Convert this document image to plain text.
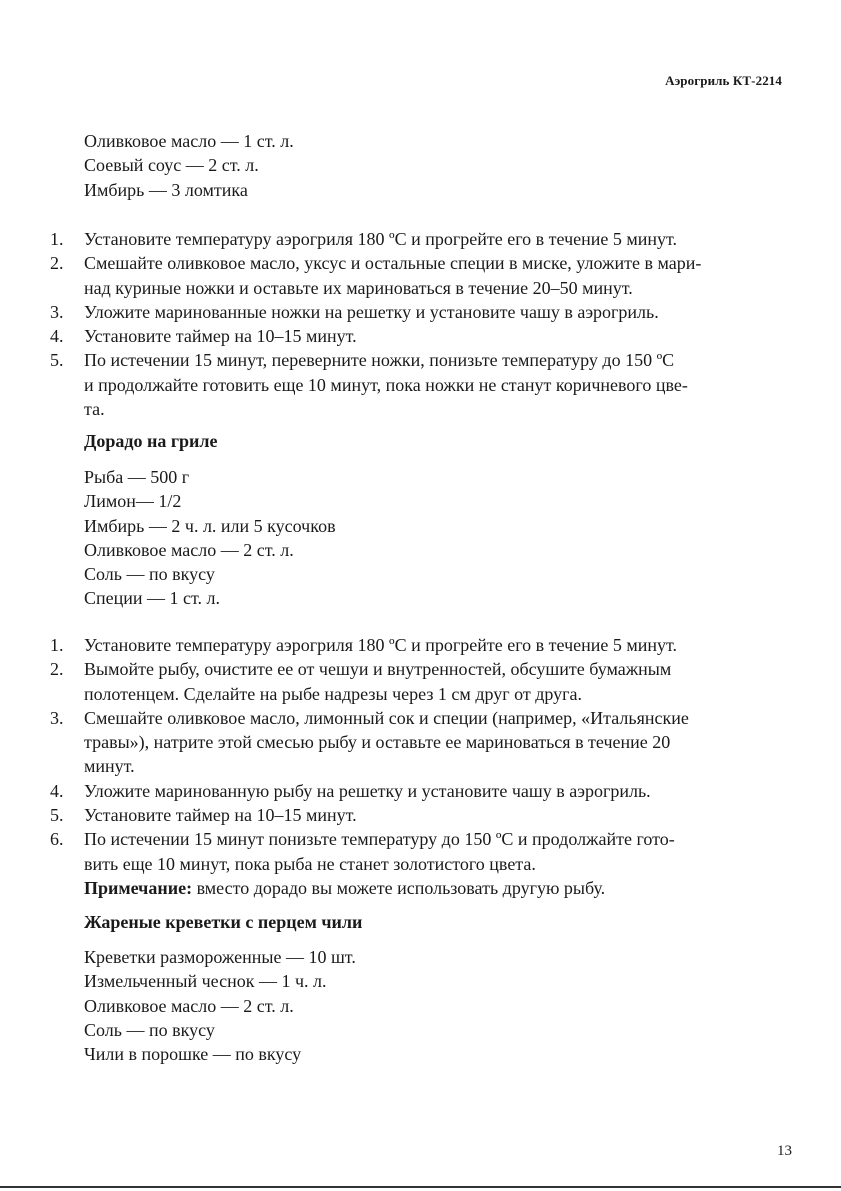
Аэрогриль КТ-2214
Оливковое масло — 1 ст. л.
Соевый соус — 2 ст. л.
Имбирь — 3 ломтика
1.	Установите температуру аэрогриля 180 ºС и прогрейте его в течение 5 минут.
2.	Смешайте оливковое масло, уксус и остальные специи в миске, уложите в мари-
над куриные ножки и оставьте их мариноваться в течение 20–50 минут.
3.	Уложите маринованные ножки на решетку и установите чашу в аэрогриль.
4.	Установите таймер на 10–15 минут.
5.	По истечении 15 минут, переверните ножки, понизьте температуру до 150 ºС
и продолжайте готовить еще 10 минут, пока ножки не станут коричневого цве-
та.
Дорадо на гриле
Рыба — 500 г
Лимон— 1/2
Имбирь — 2 ч. л. или 5 кусочков
Оливковое масло — 2 ст. л.
Соль — по вкусу
Специи — 1 ст. л.
1.	Установите температуру аэрогриля 180 ºС и прогрейте его в течение 5 минут.
2.	Вымойте рыбу, очистите ее от чешуи и внутренностей, обсушите бумажным
полотенцем. Сделайте на рыбе надрезы через 1 см друг от друга.
3.	Смешайте оливковое масло, лимонный сок и специи (например, «Итальянские
травы»), натрите этой смесью рыбу и оставьте ее мариноваться в течение 20
минут.
4.	Уложите маринованную рыбу на решетку и установите чашу в аэрогриль.
5.	Установите таймер на 10–15 минут.
6.	По истечении 15 минут понизьте температуру до 150 ºС и продолжайте гото-
вить еще 10 минут, пока рыба не станет золотистого цвета.
Примечание: вместо дорадо вы можете использовать другую рыбу.
Жареные креветки с перцем чили
Креветки размороженные — 10 шт.
Измельченный чеснок — 1 ч. л.
Оливковое масло — 2 ст. л.
Соль — по вкусу
Чили в порошке — по вкусу
13
